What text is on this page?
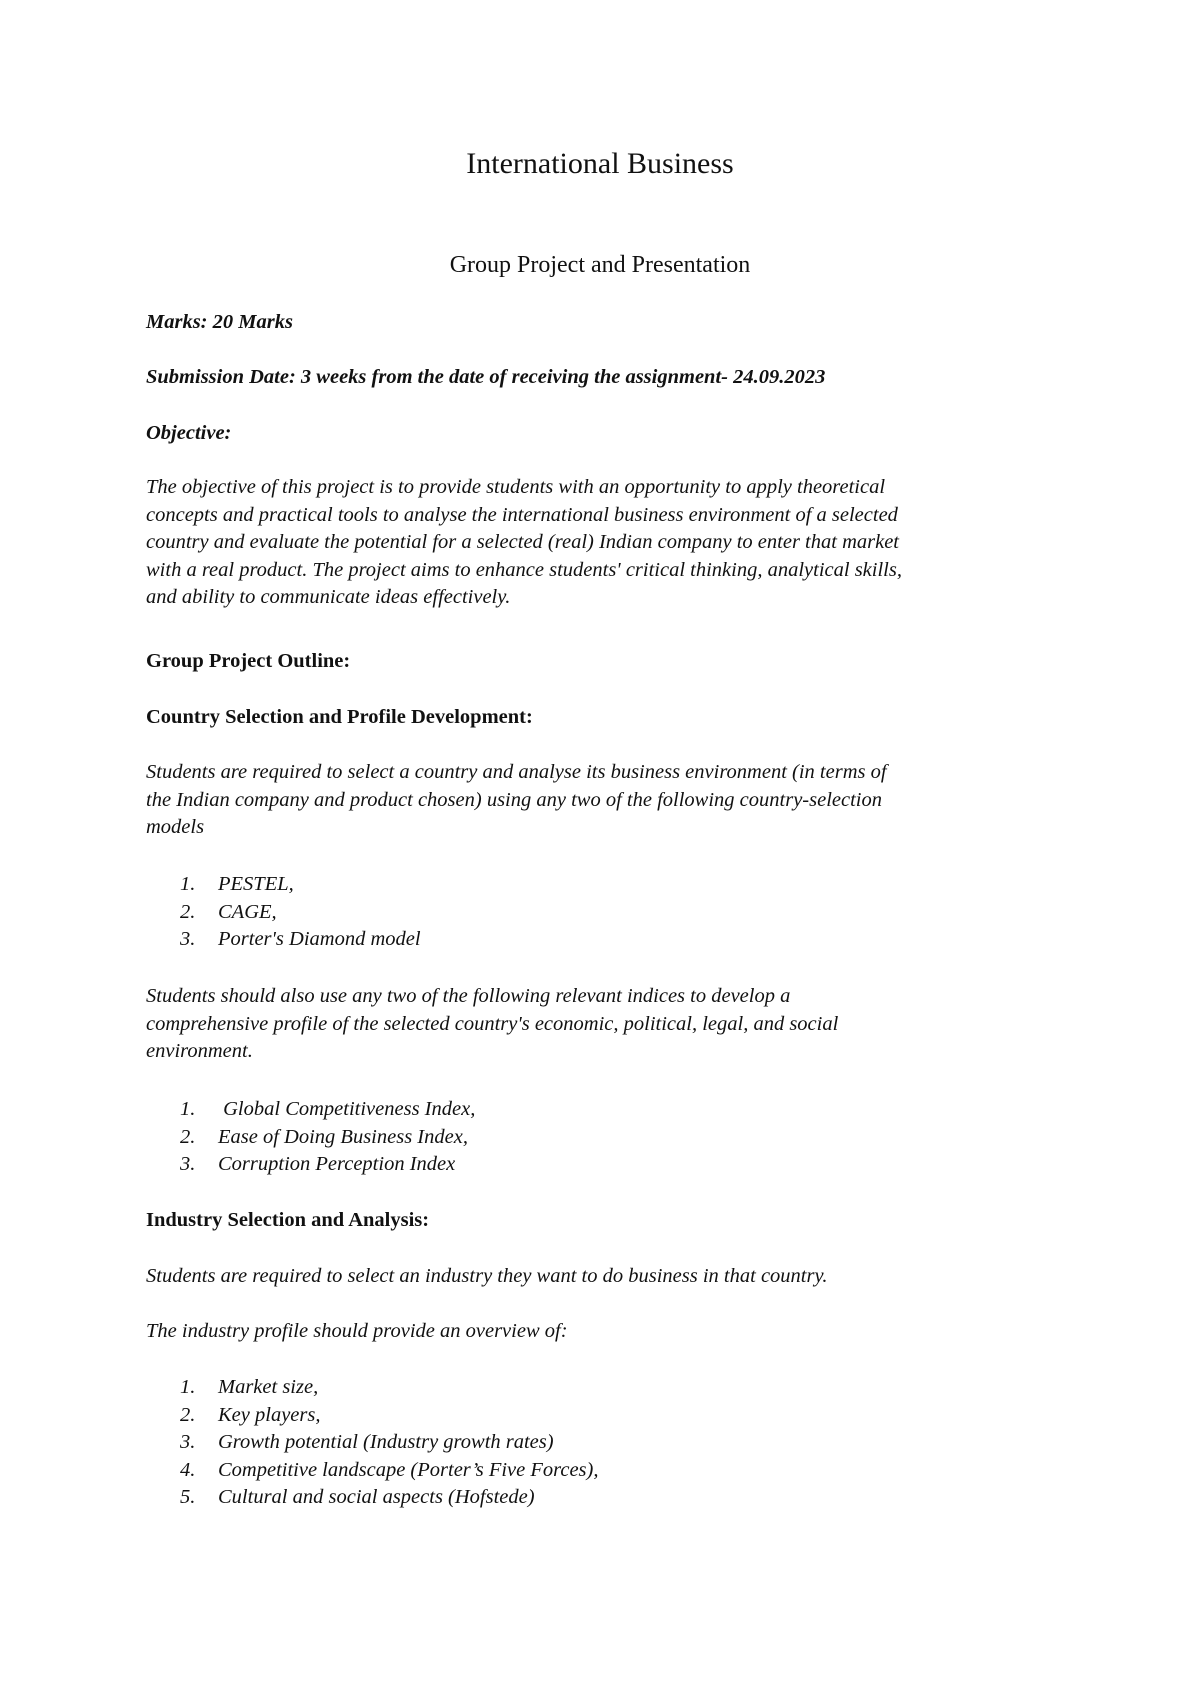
International Business
Group Project and Presentation

Marks: 20 Marks

Submission Date: 3 weeks from the date of receiving the assignment- 24.09.2023

Objective:

The objective of this project is to provide students with an opportunity to apply theoretical
concepts and practical tools to analyse the international business environment of a selected
country and evaluate the potential for a selected (real) Indian company to enter that market
with a real product. The project aims to enhance students' critical thinking, analytical skills,
and ability to communicate ideas effectively.

Group Project Outline:

Country Selection and Profile Development:

Students are required to select a country and analyse its business environment (in terms of
the Indian company and product chosen) using any two of the following country-selection
models
1.	PESTEL,
2.	CAGE,
3.	Porter's Diamond model
Students should also use any two of the following relevant indices to develop a
comprehensive profile of the selected country's economic, political, legal, and social
environment.
1.	Global Competitiveness Index,
2.	Ease of Doing Business Index,
3.	Corruption Perception Index

Industry Selection and Analysis:

Students are required to select an industry they want to do business in that country.

The industry profile should provide an overview of:

1.	Market size,
2.	Key players,
3.	Growth potential (Industry growth rates)
4.	Competitive landscape (Porter’s Five Forces),
5.	Cultural and social aspects (Hofstede)
